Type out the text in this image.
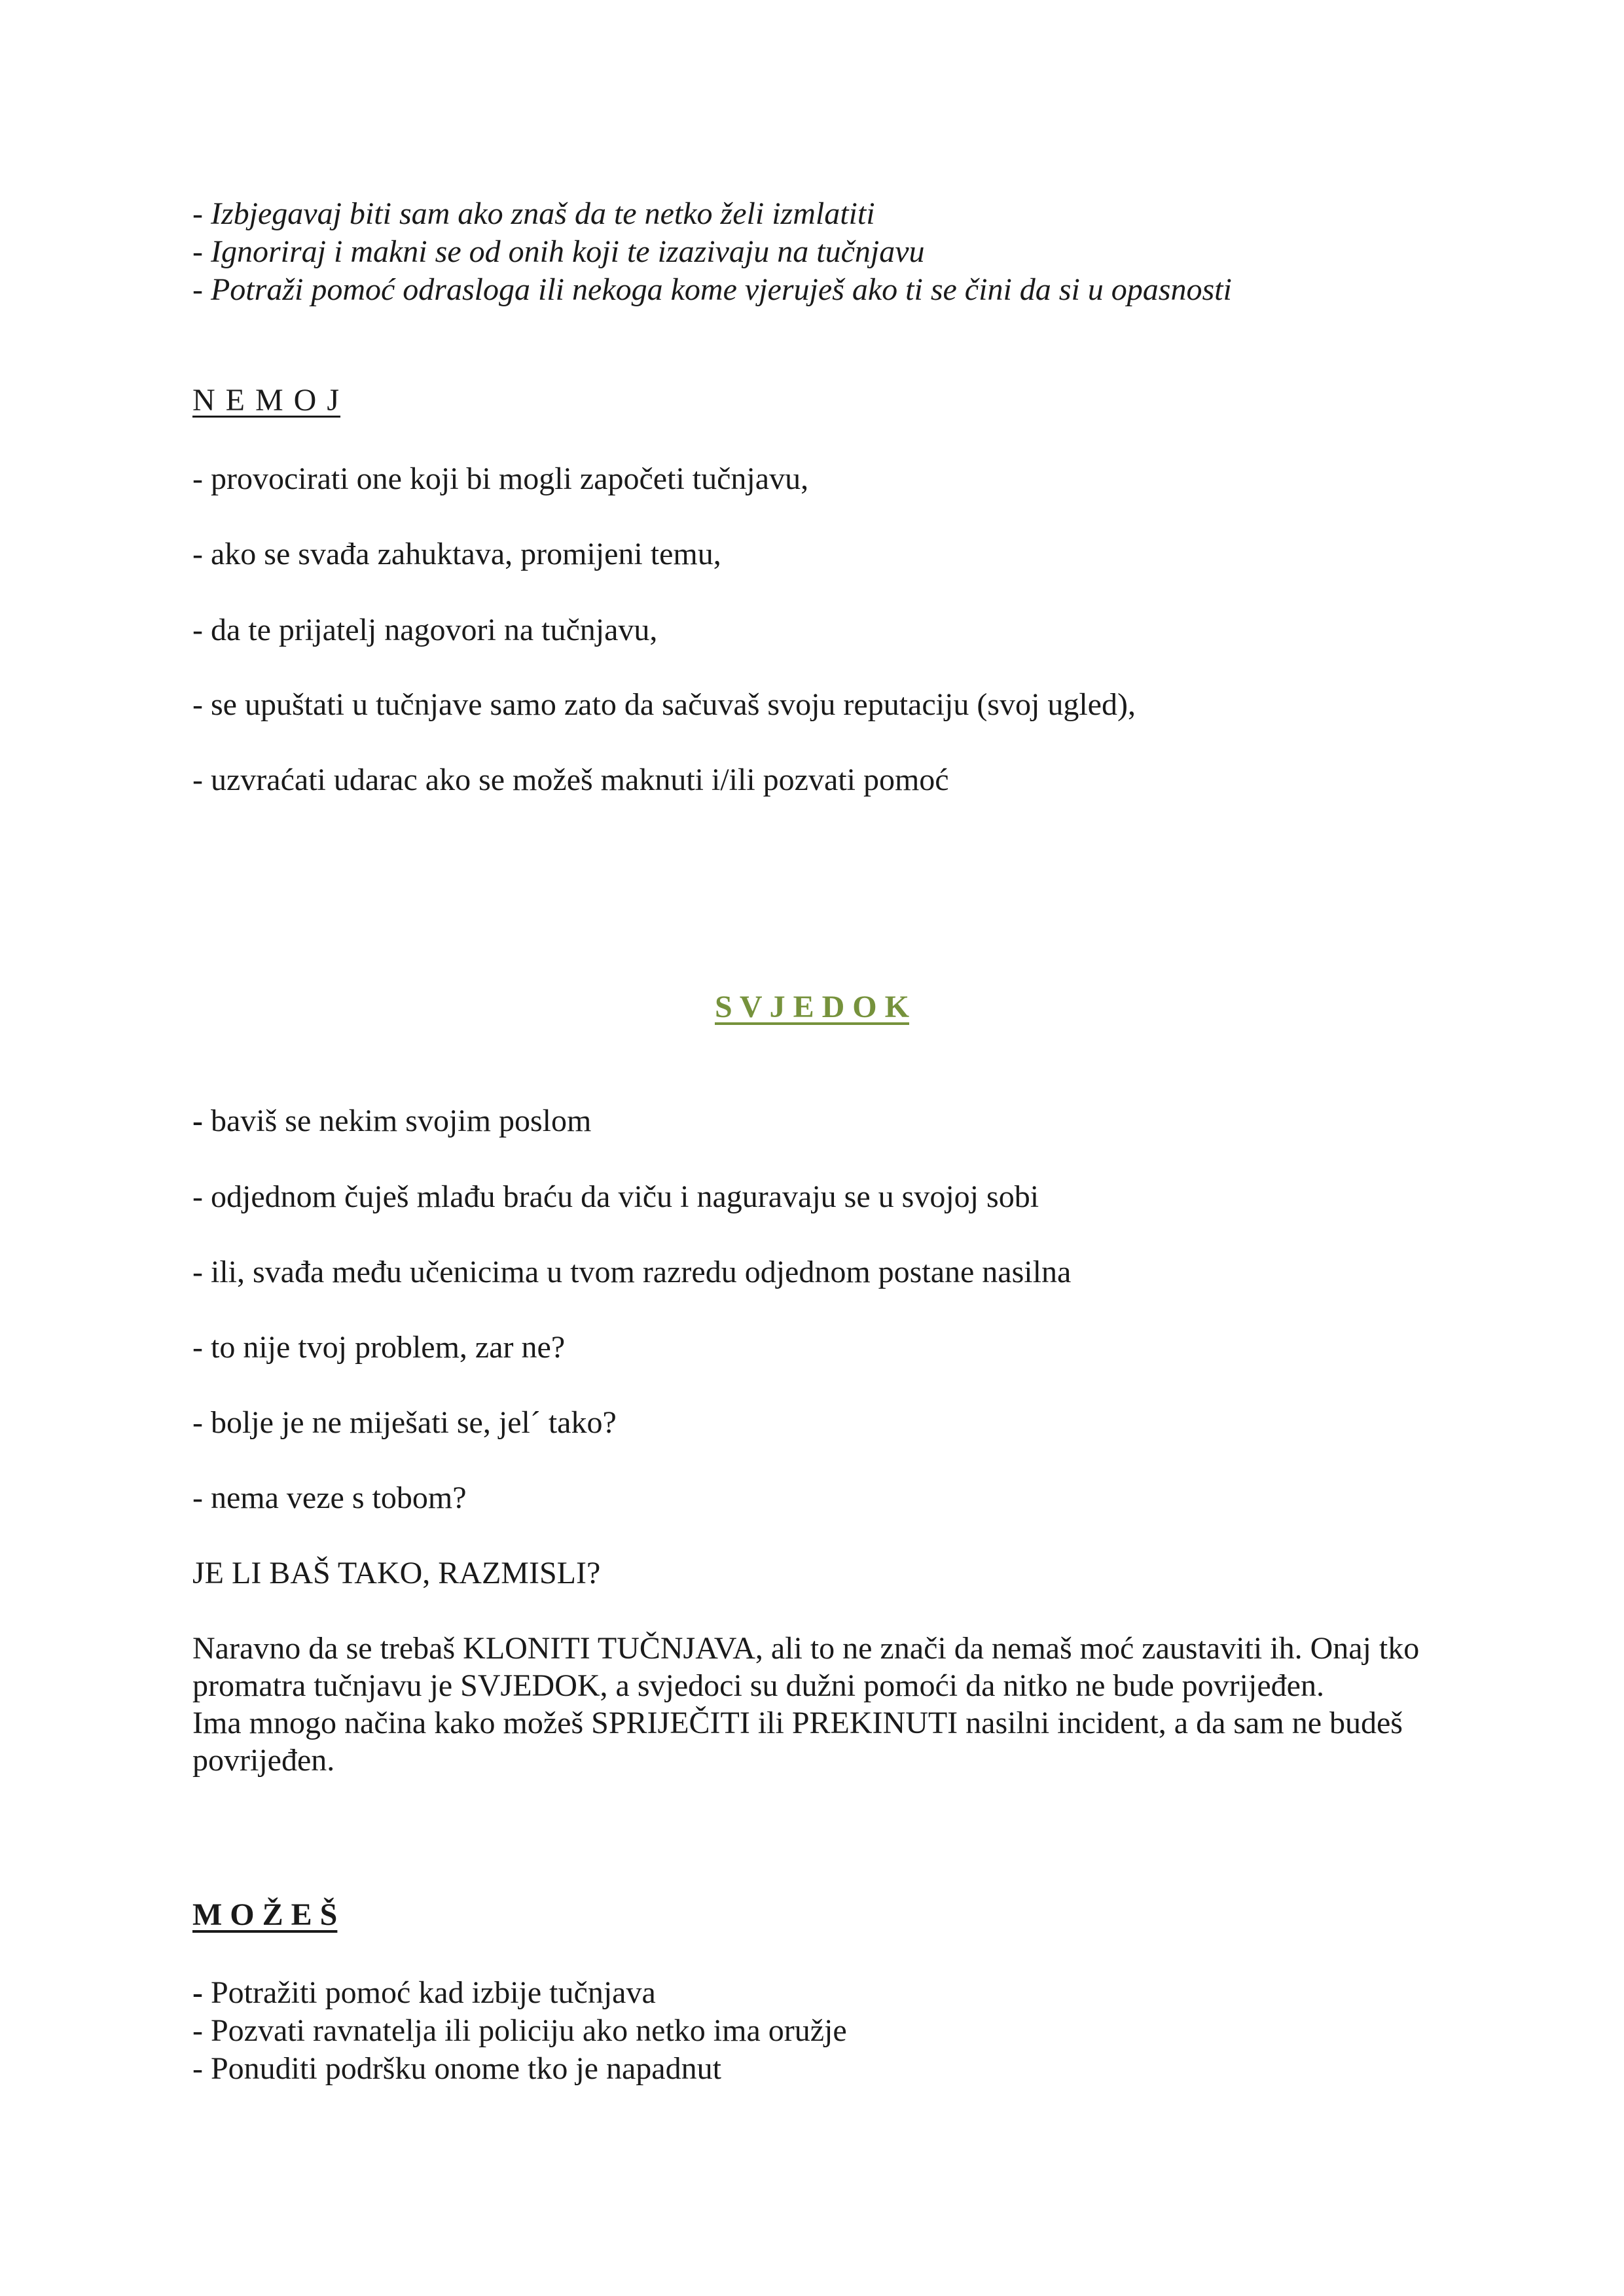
- Izbjegavaj biti sam ako znaš da te netko želi izmlatiti
- Ignoriraj i makni se od onih koji te izazivaju na tučnjavu
- Potraži pomoć odrasloga ili nekoga kome vjeruješ ako ti se čini da si u opasnosti
N E M O J
- provocirati one koji bi mogli započeti tučnjavu,
- ako se svađa zahuktava, promijeni temu,
- da te prijatelj nagovori na tučnjavu,
- se upuštati u tučnjave samo zato da sačuvaš svoju reputaciju (svoj ugled),
- uzvraćati udarac ako se možeš maknuti i/ili pozvati pomoć
S V J E D O K
- baviš se nekim svojim poslom
- odjednom čuješ mlađu braću da viču i naguravaju se u svojoj sobi
- ili, svađa među učenicima u tvom razredu odjednom postane nasilna
- to nije tvoj problem, zar ne?
- bolje je ne miješati se, jel´ tako?
- nema veze s tobom?
JE LI BAŠ TAKO, RAZMISLI?

Naravno da se trebaš KLONITI TUČNJAVA, ali to ne znači da nemaš moć zaustaviti ih. Onaj tko promatra tučnjavu je SVJEDOK, a svjedoci su dužni pomoći da nitko ne bude povrijeđen.

Ima mnogo načina kako možeš SPRIJEČITI ili PREKINUTI nasilni incident, a da sam ne budeš povrijeđen.

M O Ž E Š
- Potražiti pomoć kad izbije tučnjava
- Pozvati ravnatelja ili policiju ako netko ima oružje
- Ponuditi podršku onome tko je napadnut
